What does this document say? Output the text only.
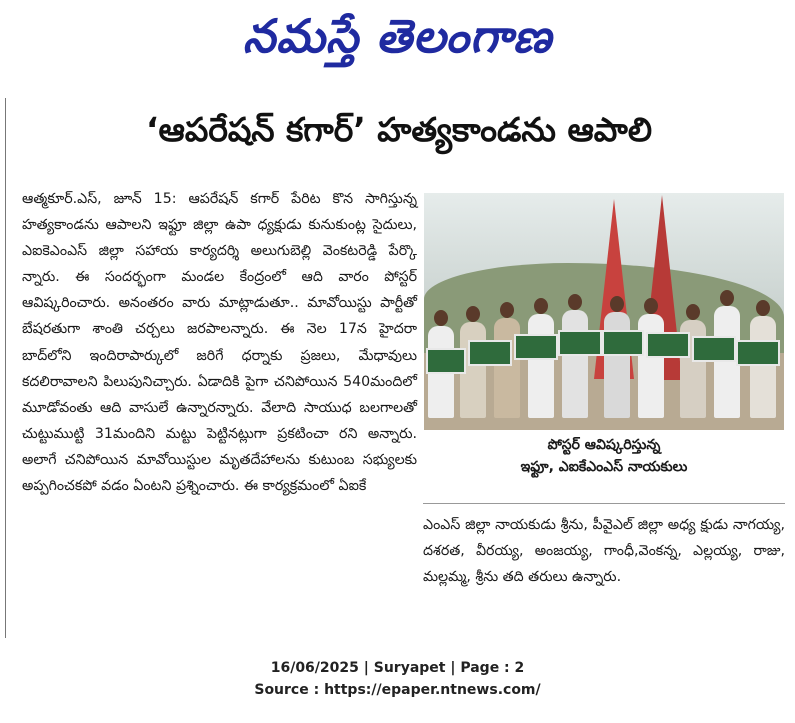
నమస్తే తెలంగాణ
‘ఆపరేషన్ కగార్’ హత్యకాండను ఆపాలి

ఆత్మకూర్.ఎస్, జూన్ 15: ఆపరేషన్ కగార్ పేరిట కొన సాగిస్తున్న హత్యకాండను ఆపాలని ఇఫ్టూ జిల్లా ఉపా ధ్యక్షుడు కునుకుంట్ల సైదులు, ఎఐకెఎంఎస్ జిల్లా సహాయ కార్యదర్శి అలుగుబెల్లి వెంకటరెడ్డి పేర్కొ న్నారు. ఈ సందర్భంగా మండల కేంద్రంలో ఆది వారం పోస్టర్ ఆవిష్కరించారు. అనంతరం వారు మాట్లాడుతూ.. మావోయిస్టు పార్టీతో బేషరతుగా శాంతి చర్చలు జరపాలన్నారు. ఈ నెల 17న హైదరా బాద్‌లోని ఇందిరాపార్కులో జరిగే ధర్నాకు ప్రజలు, మేధావులు కదలిరావాలని పిలుపునిచ్చారు. ఏడాదికి పైగా చనిపోయిన 540మందిలో మూడోవంతు ఆది వాసులే ఉన్నారన్నారు. వేలాది సాయుధ బలగాలతో చుట్టుముట్టి 31మందిని మట్టు పెట్టినట్లుగా ప్రకటించా రని అన్నారు. అలాగే చనిపోయిన మావోయిస్టుల మృతదేహాలను కుటుంబ సభ్యులకు అప్పగించకపో వడం ఏంటని ప్రశ్నించారు. ఈ కార్యక్రమంలో ఏఐకే

పోస్టర్ ఆవిష్కరిస్తున్న
ఇఫ్టూ, ఎఐకేఎంఎస్ నాయకులు

ఎంఎస్ జిల్లా నాయకుడు శ్రీను, పీవైఎల్ జిల్లా అధ్య క్షుడు నాగయ్య, దశరత, వీరయ్య, అంజయ్య, గాంధీ,వెంకన్న, ఎల్లయ్య, రాజు, మల్లమ్మ, శ్రీను తది తరులు ఉన్నారు.

16/06/2025 | Suryapet | Page : 2
Source : https://epaper.ntnews.com/
